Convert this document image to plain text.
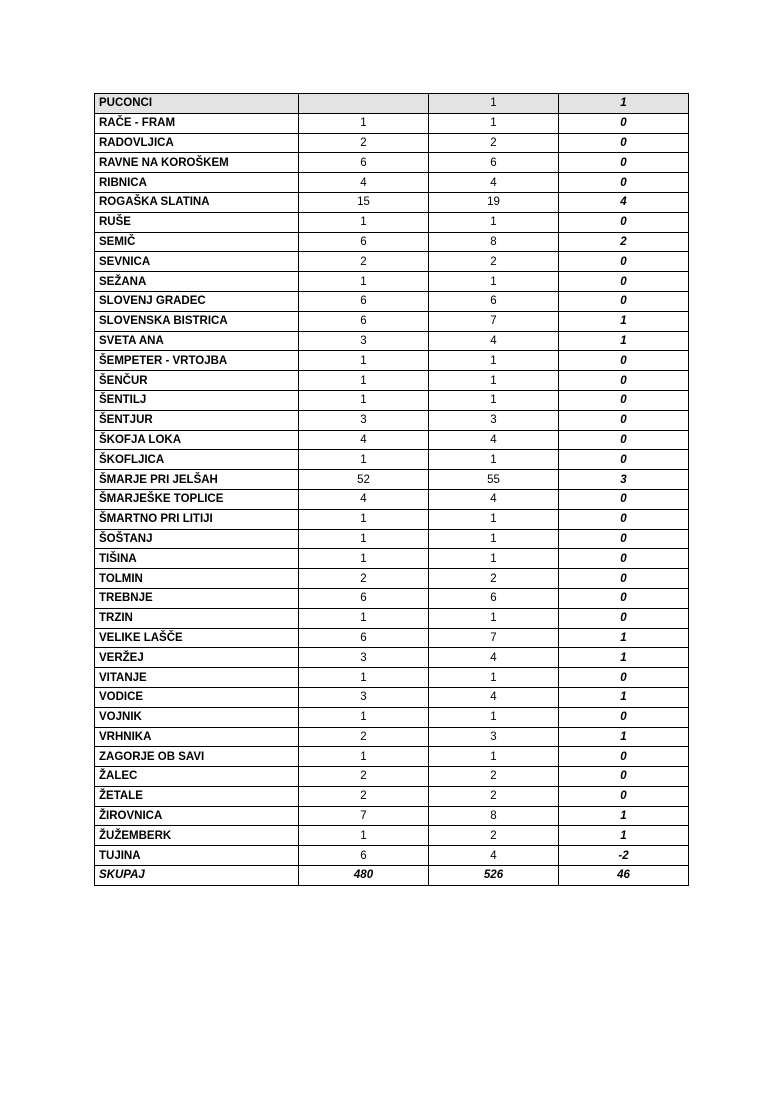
PUCONCI		1	1
RAČE - FRAM	1	1	0
RADOVLJICA	2	2	0
RAVNE NA KOROŠKEM	6	6	0
RIBNICA	4	4	0
ROGAŠKA SLATINA	15	19	4
RUŠE	1	1	0
SEMIČ	6	8	2
SEVNICA	2	2	0
SEŽANA	1	1	0
SLOVENJ GRADEC	6	6	0
SLOVENSKA BISTRICA	6	7	1
SVETA ANA	3	4	1
ŠEMPETER - VRTOJBA	1	1	0
ŠENČUR	1	1	0
ŠENTILJ	1	1	0
ŠENTJUR	3	3	0
ŠKOFJA LOKA	4	4	0
ŠKOFLJICA	1	1	0
ŠMARJE PRI JELŠAH	52	55	3
ŠMARJEŠKE TOPLICE	4	4	0
ŠMARTNO PRI LITIJI	1	1	0
ŠOŠTANJ	1	1	0
TIŠINA	1	1	0
TOLMIN	2	2	0
TREBNJE	6	6	0
TRZIN	1	1	0
VELIKE LAŠČE	6	7	1
VERŽEJ	3	4	1
VITANJE	1	1	0
VODICE	3	4	1
VOJNIK	1	1	0
VRHNIKA	2	3	1
ZAGORJE OB SAVI	1	1	0
ŽALEC	2	2	0
ŽETALE	2	2	0
ŽIROVNICA	7	8	1
ŽUŽEMBERK	1	2	1
TUJINA	6	4	-2
SKUPAJ	480	526	46
